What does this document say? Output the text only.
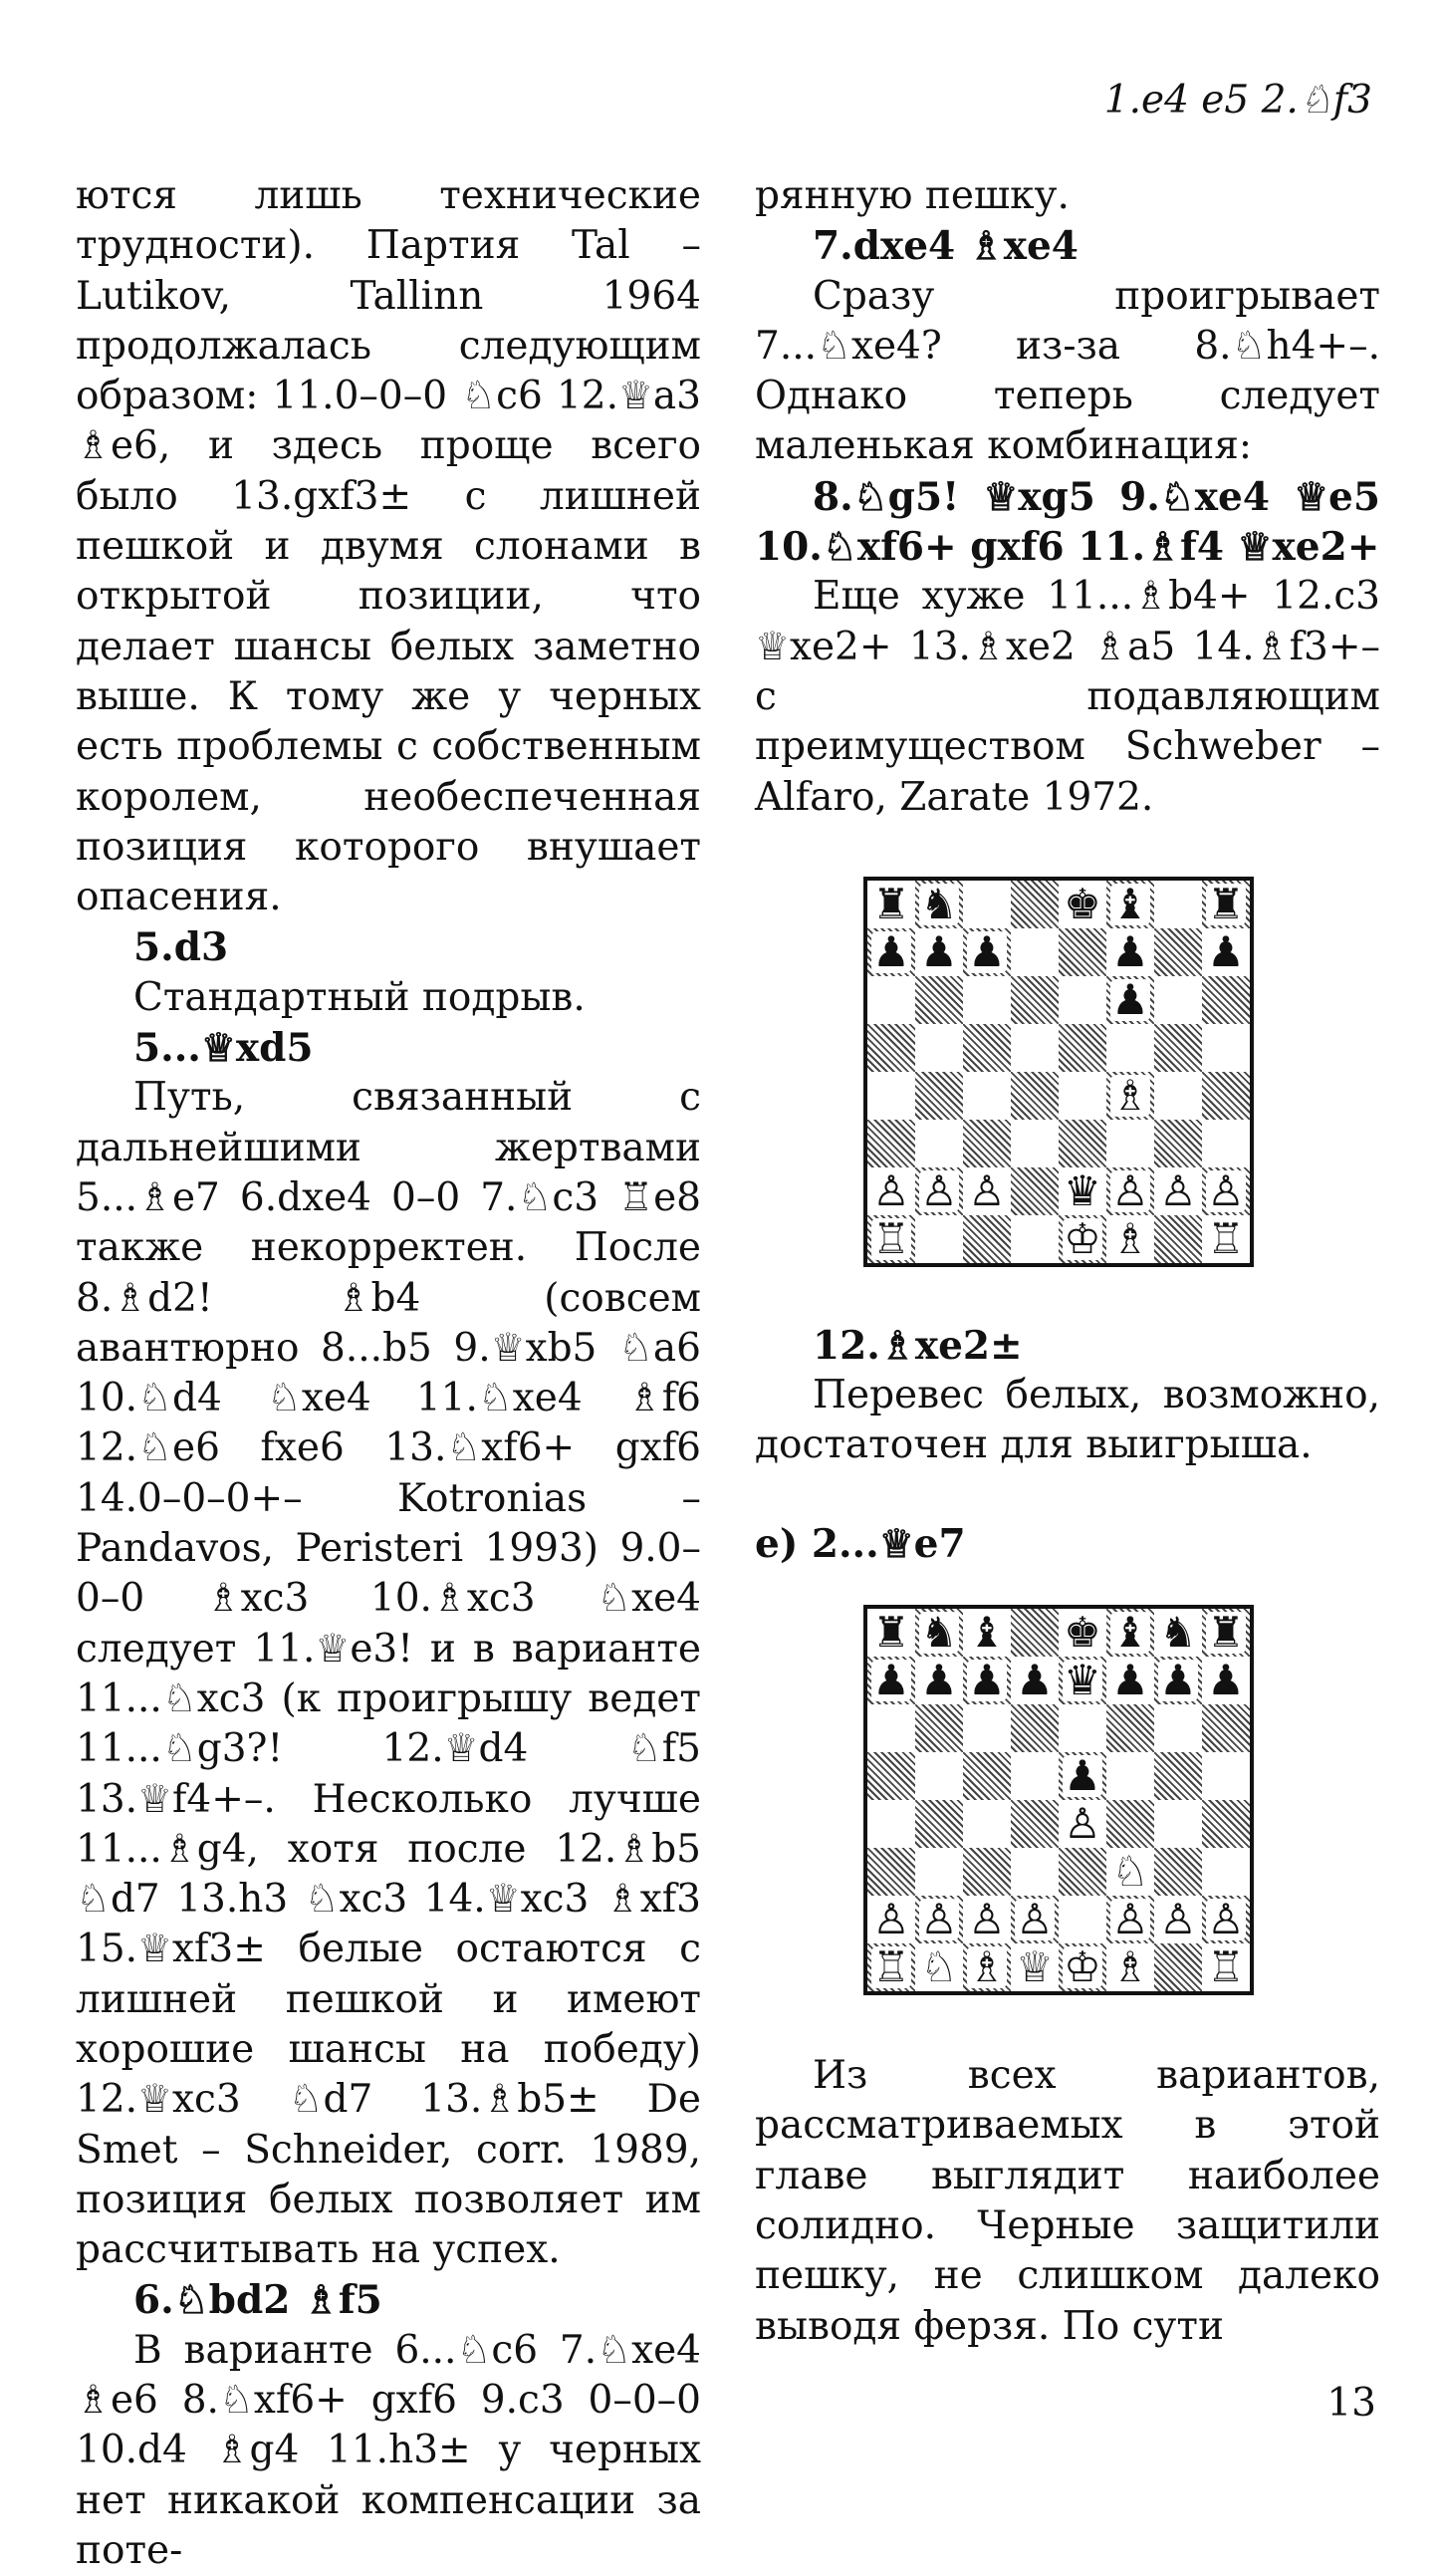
1.e4 e5 2.♘f3

ются лишь технические трудности). Партия Tal – Lutikov, Tallinn 1964 продолжалась следующим образом: 11.0–0–0 ♘c6 12.♕a3 ♗e6, и здесь проще всего было 13.gxf3± с лишней пешкой и двумя слонами в открытой позиции, что делает шансы белых заметно выше. К тому же у черных есть проблемы с собственным королем, необеспеченная позиция которого внушает опасения.

5.d3

Стандартный подрыв.

5...♕xd5

Путь, связанный с дальнейшими жертвами 5...♗e7 6.dxe4 0–0 7.♘c3 ♖e8 также некорректен. После 8.♗d2! ♗b4 (совсем авантюрно 8...b5 9.♕xb5 ♘a6 10.♘d4 ♘xe4 11.♘xe4 ♗f6 12.♘e6 fxe6 13.♘xf6+ gxf6 14.0–0–0+– Kotronias – Pandavos, Peristeri 1993) 9.0–0–0 ♗xc3 10.♗xc3 ♘xe4 следует 11.♕e3! и в варианте 11...♘xc3 (к проигрышу ведет 11...♘g3?! 12.♕d4 ♘f5 13.♕f4+–. Несколько лучше 11...♗g4, хотя после 12.♗b5 ♘d7 13.h3 ♘xc3 14.♕xc3 ♗xf3 15.♕xf3± белые остаются с лишней пешкой и имеют хорошие шансы на победу) 12.♕xc3 ♘d7 13.♗b5± De Smet – Schneider, corr. 1989, позиция белых позволяет им рассчитывать на успех.

6.♘bd2 ♗f5

В варианте 6...♘c6 7.♘xe4 ♗e6 8.♘xf6+ gxf6 9.c3 0–0–0 10.d4 ♗g4 11.h3± у черных нет никакой компенсации за поте-

рянную пешку.

7.dxe4 ♗xe4

Сразу проигрывает 7...♘xe4? из-за 8.♘h4+–. Однако теперь следует маленькая комбинация:

8.♘g5! ♕xg5 9.♘xe4 ♕e5 10.♘xf6+ gxf6 11.♗f4 ♕xe2+

Еще хуже 11...♗b4+ 12.c3 ♕xe2+ 13.♗xe2 ♗a5 14.♗f3+– с подавляющим преимуществом Schweber – Alfaro, Zarate 1972.

♜ ♞	♚ ♝ ♜
♟ ♟ ♟	♟ ♟
♟
♗
♙ ♙ ♙ ♛ ♙ ♙ ♙
♖	♔ ♗ ♖

12.♗xe2±

Перевес белых, возможно, достаточен для выигрыша.

e) 2...♕e7

♜ ♞ ♝ ♚ ♝ ♞ ♜
♟ ♟ ♟ ♟ ♛ ♟ ♟ ♟
♟
♙
♘
♙ ♙ ♙ ♙ ♙ ♙ ♙
♖ ♘ ♗ ♕ ♔ ♗ ♖

Из всех вариантов, рассматриваемых в этой главе выглядит наиболее солидно. Черные защитили пешку, не слишком далеко выводя ферзя. По сути

13
